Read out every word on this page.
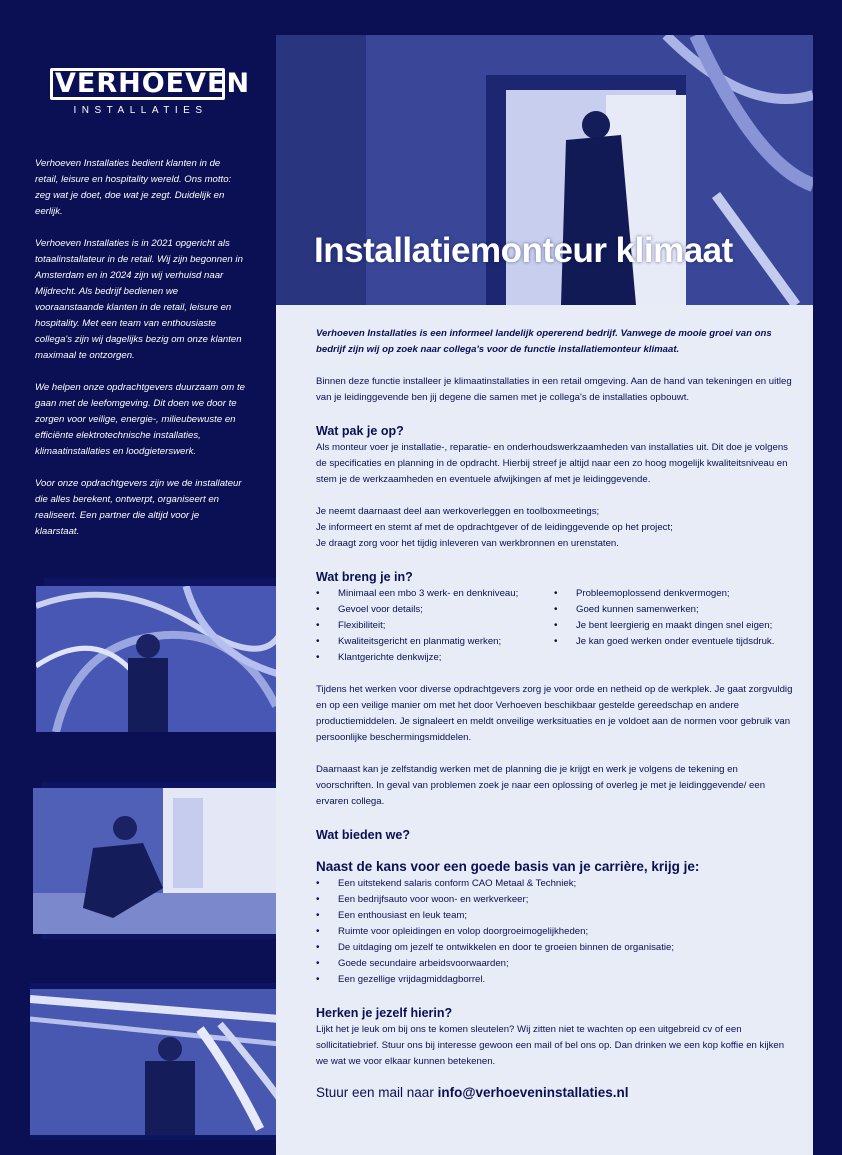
VERHOEVEN
INSTALLATIES

Verhoeven Installaties bedient klanten in de retail, leisure en hospitality wereld. Ons motto: zeg wat je doet, doe wat je zegt. Duidelijk en eerlijk.

Verhoeven Installaties is in 2021 opgericht als totaalinstallateur in de retail. Wij zijn begonnen in Amsterdam en in 2024 zijn wij verhuisd naar Mijdrecht. Als bedrijf bedienen we vooraanstaande klanten in de retail, leisure en hospitality. Met een team van enthousiaste collega's zijn wij dagelijks bezig om onze klanten maximaal te ontzorgen.

We helpen onze opdrachtgevers duurzaam om te gaan met de leefomgeving. Dit doen we door te zorgen voor veilige, energie-, milieubewuste en efficiënte elektrotechnische installaties, klimaatinstallaties en loodgieterswerk.

Voor onze opdrachtgevers zijn we de installateur die alles berekent, ontwerpt, organiseert en realiseert. Een partner die altijd voor je klaarstaat.

Installatiemonteur klimaat

Verhoeven Installaties is een informeel landelijk opererend bedrijf. Vanwege de mooie groei van ons bedrijf zijn wij op zoek naar collega's voor de functie installatiemonteur klimaat.

Binnen deze functie installeer je klimaatinstallaties in een retail omgeving. Aan de hand van tekeningen en uitleg van je leidinggevende ben jij degene die samen met je collega's de installaties opbouwt.

Wat pak je op?

Als monteur voer je installatie-, reparatie- en onderhoudswerkzaamheden van installaties uit. Dit doe je volgens de specificaties en planning in de opdracht. Hierbij streef je altijd naar een zo hoog mogelijk kwaliteitsniveau en stem je de werkzaamheden en eventuele afwijkingen af met je leidinggevende.

Je neemt daarnaast deel aan werkoverleggen en toolboxmeetings;
Je informeert en stemt af met de opdrachtgever of de leidinggevende op het project;
Je draagt zorg voor het tijdig inleveren van werkbronnen en urenstaten.

Wat breng je in?
• Minimaal een mbo 3 werk- en denkniveau;
• Gevoel voor details;
• Flexibiliteit;
• Kwaliteitsgericht en planmatig werken;
• Klantgerichte denkwijze;
• Probleemoplossend denkvermogen;
• Goed kunnen samenwerken;
• Je bent leergierig en maakt dingen snel eigen;
• Je kan goed werken onder eventuele tijdsdruk.

Tijdens het werken voor diverse opdrachtgevers zorg je voor orde en netheid op de werkplek. Je gaat zorgvuldig en op een veilige manier om met het door Verhoeven beschikbaar gestelde gereedschap en andere productiemiddelen. Je signaleert en meldt onveilige werksituaties en je voldoet aan de normen voor gebruik van persoonlijke beschermingsmiddelen.

Daarnaast kan je zelfstandig werken met de planning die je krijgt en werk je volgens de tekening en voorschriften. In geval van problemen zoek je naar een oplossing of overleg je met je leidinggevende/ een ervaren collega.

Wat bieden we?
Naast de kans voor een goede basis van je carrière, krijg je:
• Een uitstekend salaris conform CAO Metaal & Techniek;
• Een bedrijfsauto voor woon- en werkverkeer;
• Een enthousiast en leuk team;
• Ruimte voor opleidingen en volop doorgroeimogelijkheden;
• De uitdaging om jezelf te ontwikkelen en door te groeien binnen de organisatie;
• Goede secundaire arbeidsvoorwaarden;
• Een gezellige vrijdagmiddagborrel.
Herken je jezelf hierin?
Lijkt het je leuk om bij ons te komen sleutelen? Wij zitten niet te wachten op een uitgebreid cv of een sollicitatiebrief. Stuur ons bij interesse gewoon een mail of bel ons op. Dan drinken we een kop koffie en kijken we wat we voor elkaar kunnen betekenen.
Stuur een mail naar info@verhoeveninstallaties.nl
